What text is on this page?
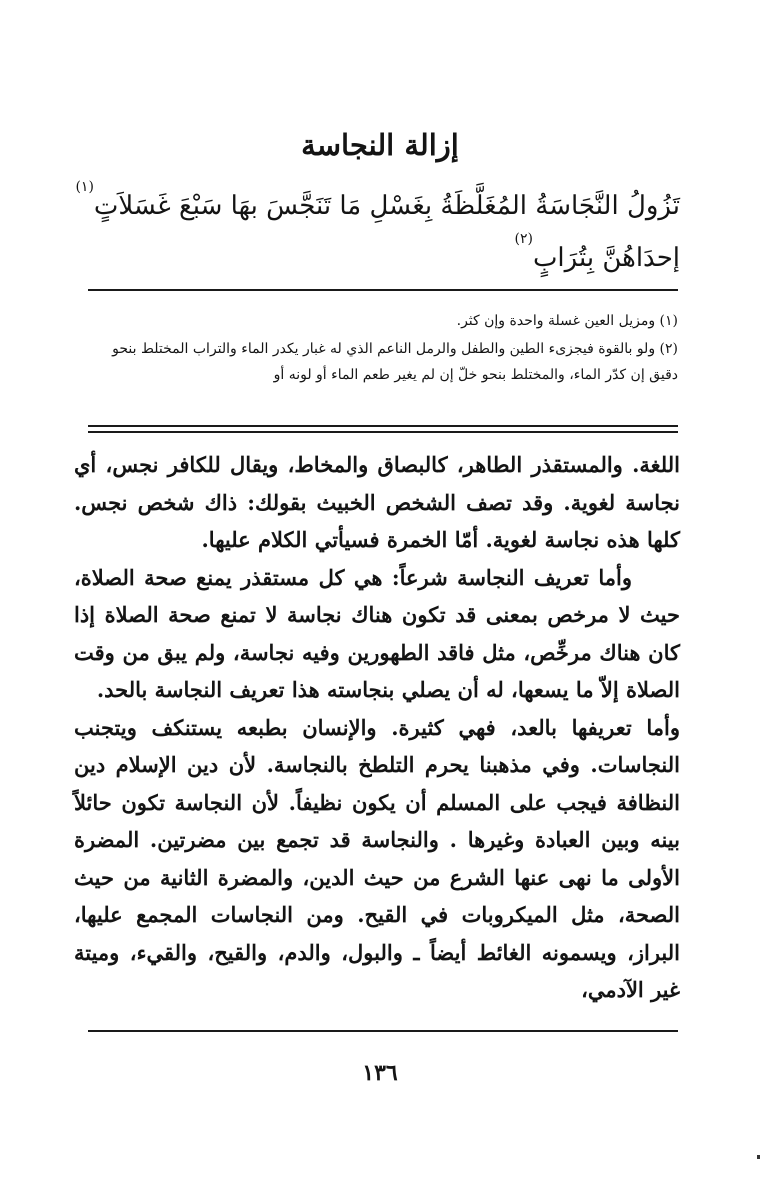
إزالة النجاسة
تَزُولُ النَّجَاسَةُ المُغَلَّظَةُ بِغَسْلِ مَا تَنَجَّسَ بهَا سَبْعَ غَسَلاَتٍ$^{(١)}$
إحدَاهُنَّ بِتُرَابٍ$^{(٢)}$

(١) ومزيل العين غسلة واحدة وإن كثر.

(٢) ولو بالقوة فيجزىء الطين والطفل والرمل الناعم الذي له غبار يكدر الماء والتراب المختلط بنحو دقيق إن كدّر الماء، والمختلط بنحو خلّ إن لم يغير طعم الماء أو لونه أو

اللغة. والمستقذر الطاهر، كالبصاق والمخاط، ويقال للكافر نجس، أي نجاسة لغوية. وقد تصف الشخص الخبيث بقولك: ذاك شخص نجس. كلها هذه نجاسة لغوية. أمّا الخمرة فسيأتي الكلام عليها.

وأما تعريف النجاسة شرعاً: هي كل مستقذر يمنع صحة الصلاة، حيث لا مرخص بمعنى قد تكون هناك نجاسة لا تمنع صحة الصلاة إذا كان هناك مرخِّص، مثل فاقد الطهورين وفيه نجاسة، ولم يبق من وقت الصلاة إلاّ ما يسعها، له أن يصلي بنجاسته هذا تعريف النجاسة بالحد.

وأما تعريفها بالعد، فهي كثيرة. والإنسان بطبعه يستنكف ويتجنب النجاسات. وفي مذهبنا يحرم التلطخ بالنجاسة. لأن دين الإسلام دين النظافة فيجب على المسلم أن يكون نظيفاً. لأن النجاسة تكون حائلاً بينه وبين العبادة وغيرها . والنجاسة قد تجمع بين مضرتين. المضرة الأولى ما نهى عنها الشرع من حيث الدين، والمضرة الثانية من حيث الصحة، مثل الميكروبات في القيح. ومن النجاسات المجمع عليها، البراز، ويسمونه الغائط أيضاً ـ والبول، والدم، والقيح، والقيء، وميتة غير الآدمي،

١٣٦
